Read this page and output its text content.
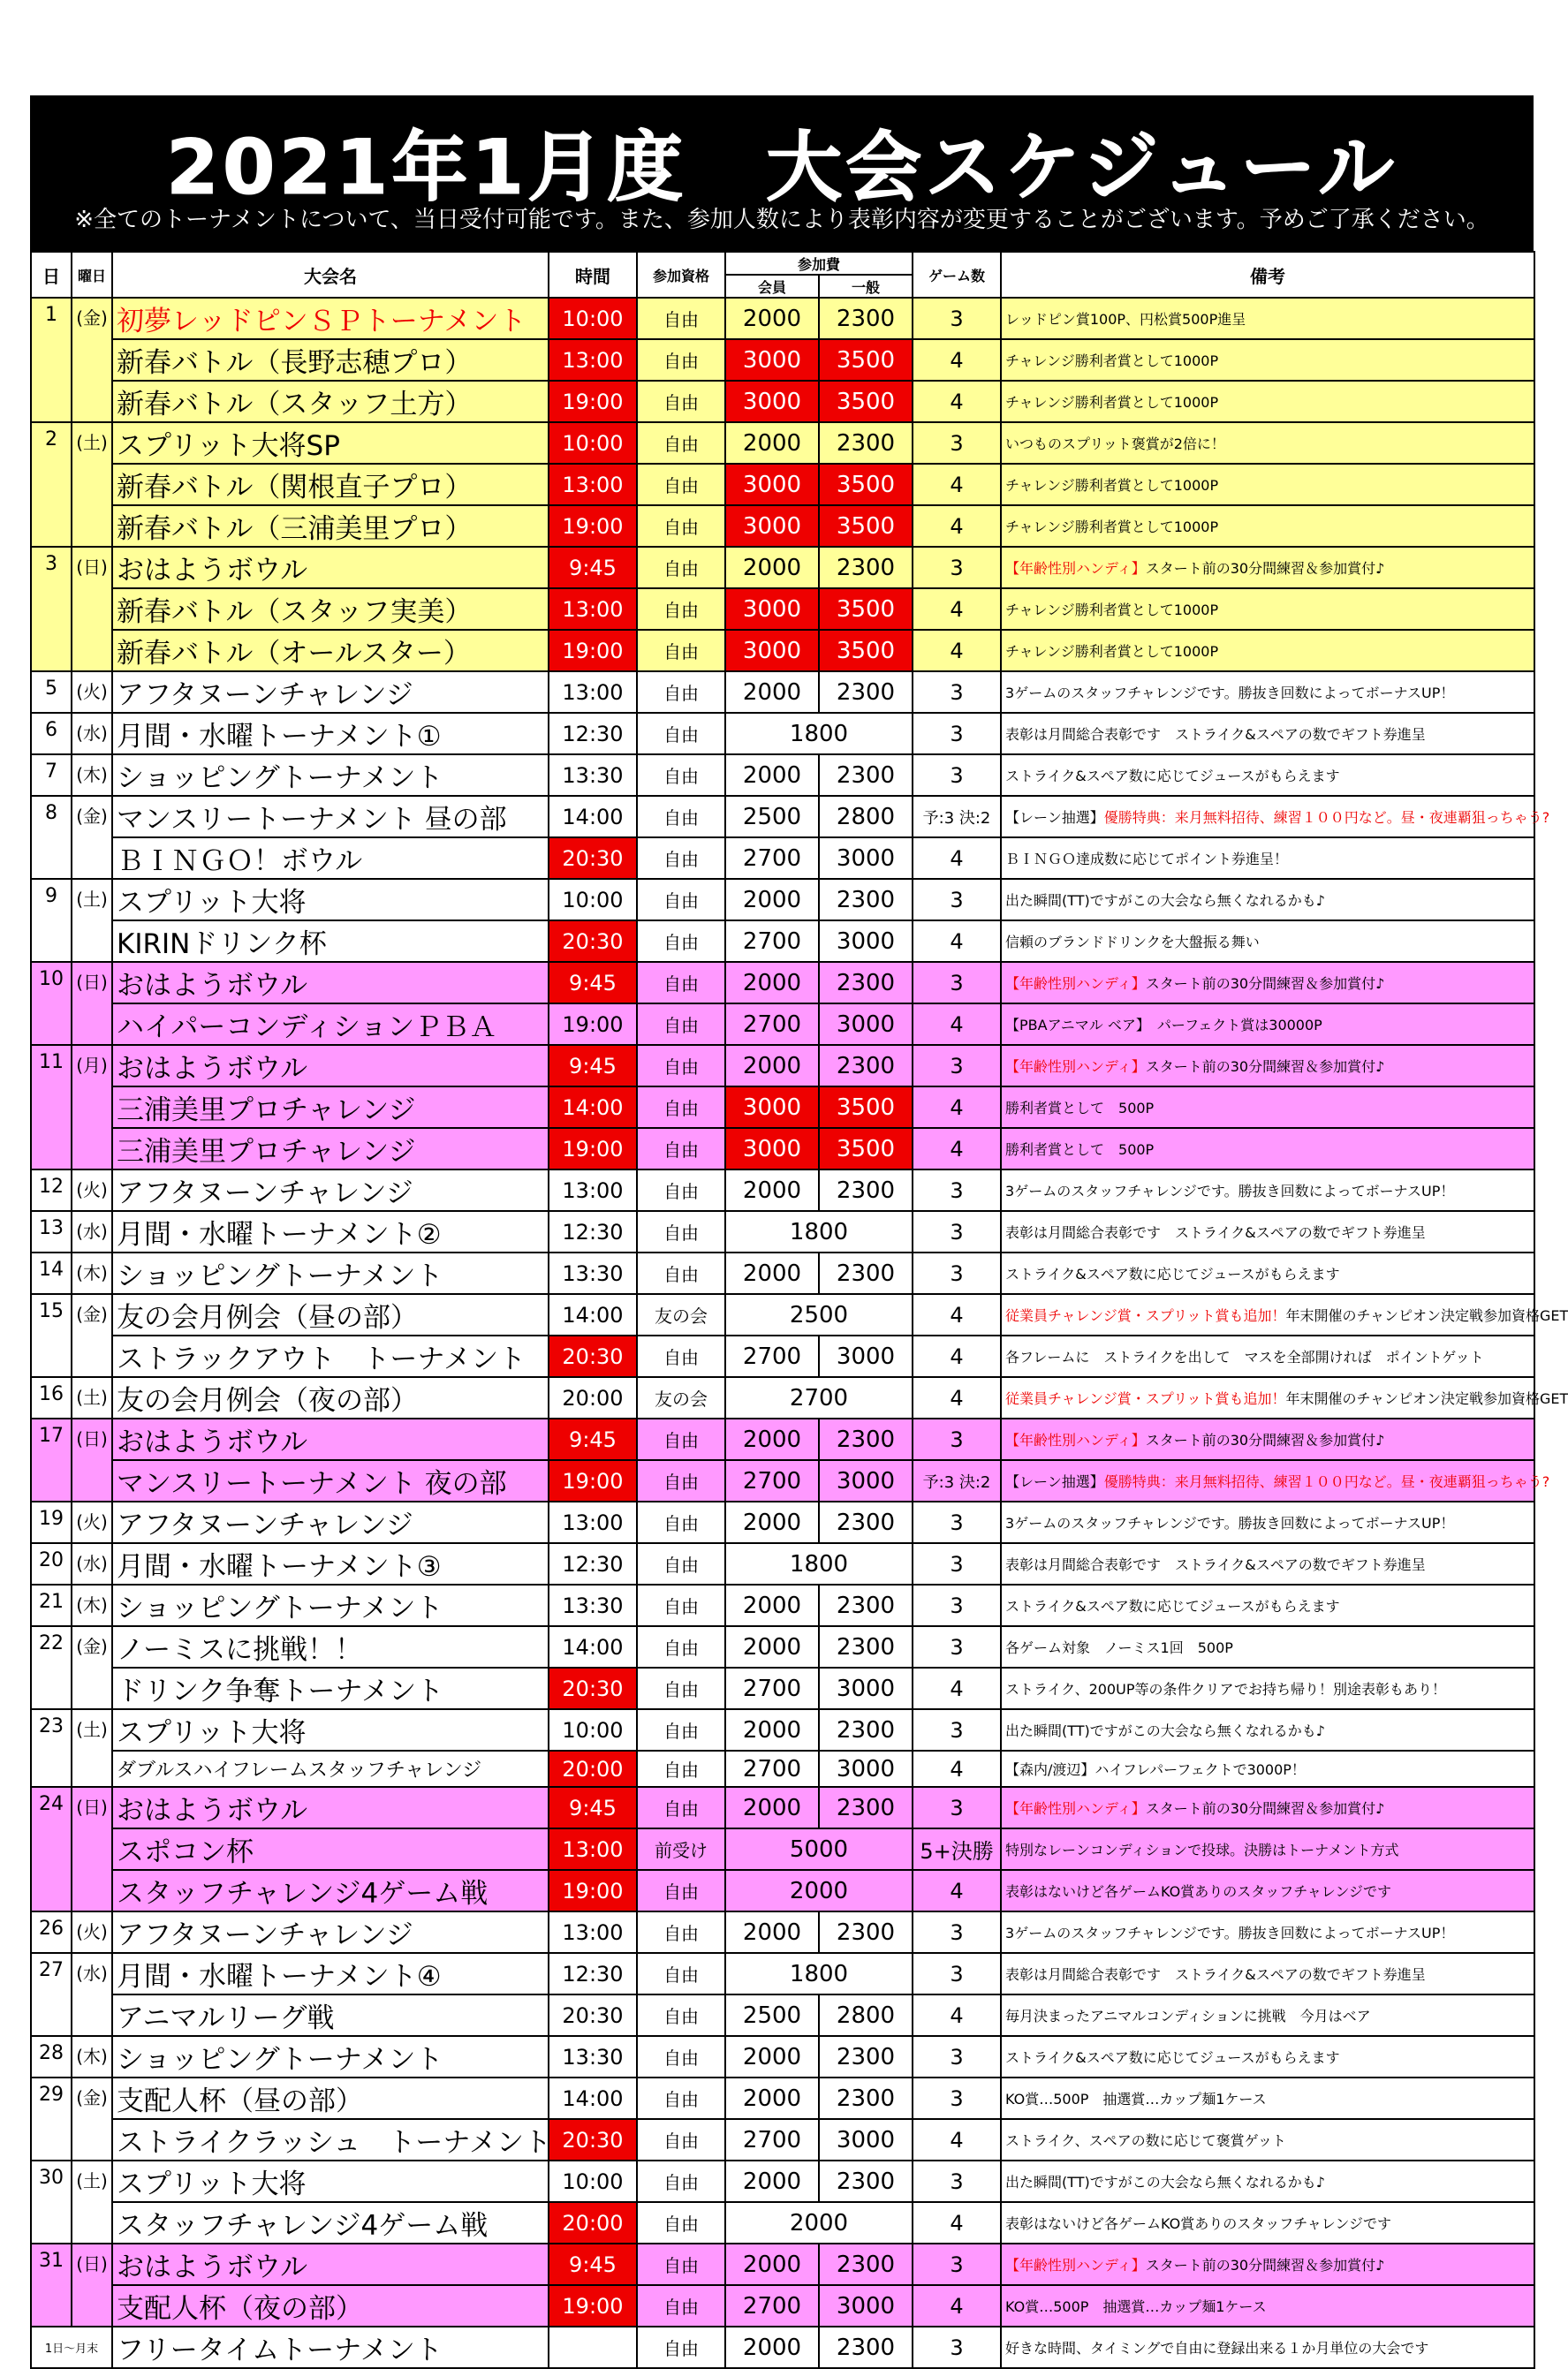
2021年1月度　大会スケジュール
※全てのトーナメントについて、当日受付可能です。また、参加人数により表彰内容が変更することがございます。予めご了承ください。
日	曜日	大会名	時間	参加資格	参加費		ゲーム数	備考
					会員	一般		
1	(金)	初夢レッドピンＳＰトーナメント	10:00	自由	2000	2300	3	レッドピン賞100P、円松賞500P進呈
		新春バトル（長野志穂プロ）	13:00	自由	3000	3500	4	チャレンジ勝利者賞として1000P
		新春バトル（スタッフ土方）	19:00	自由	3000	3500	4	チャレンジ勝利者賞として1000P
2	(土)	スプリット大将SP	10:00	自由	2000	2300	3	いつものスプリット褒賞が2倍に！
		新春バトル（関根直子プロ）	13:00	自由	3000	3500	4	チャレンジ勝利者賞として1000P
		新春バトル（三浦美里プロ）	19:00	自由	3000	3500	4	チャレンジ勝利者賞として1000P
3	(日)	おはようボウル	9:45	自由	2000	2300	3	【年齢性別ハンディ】スタート前の30分間練習＆参加賞付♪
		新春バトル（スタッフ実美）	13:00	自由	3000	3500	4	チャレンジ勝利者賞として1000P
		新春バトル（オールスター）	19:00	自由	3000	3500	4	チャレンジ勝利者賞として1000P
5	(火)	アフタヌーンチャレンジ	13:00	自由	2000	2300	3	3ゲームのスタッフチャレンジです。勝抜き回数によってボーナスUP！
6	(水)	月間・水曜トーナメント①	12:30	自由	1800		3	表彰は月間総合表彰です　ストライク&スペアの数でギフト券進呈
7	(木)	ショッピングトーナメント	13:30	自由	2000	2300	3	ストライク&スペア数に応じてジュースがもらえます
8	(金)	マンスリートーナメント 昼の部	14:00	自由	2500	2800	予:3 決:2	【レーン抽選】優勝特典：来月無料招待、練習１００円など。昼・夜連覇狙っちゃう?
		ＢＩＮＧＯ！ボウル	20:30	自由	2700	3000	4	ＢＩＮＧＯ達成数に応じてポイント券進呈！
9	(土)	スプリット大将	10:00	自由	2000	2300	3	出た瞬間(TT)ですがこの大会なら無くなれるかも♪
		KIRINドリンク杯	20:30	自由	2700	3000	4	信頼のブランドドリンクを大盤振る舞い
10	(日)	おはようボウル	9:45	自由	2000	2300	3	【年齢性別ハンディ】スタート前の30分間練習＆参加賞付♪
		ハイパーコンディションＰＢＡ	19:00	自由	2700	3000	4	【PBAアニマル ベア】　パーフェクト賞は30000P
11	(月)	おはようボウル	9:45	自由	2000	2300	3	【年齢性別ハンディ】スタート前の30分間練習＆参加賞付♪
		三浦美里プロチャレンジ	14:00	自由	3000	3500	4	勝利者賞として　500P
		三浦美里プロチャレンジ	19:00	自由	3000	3500	4	勝利者賞として　500P
12	(火)	アフタヌーンチャレンジ	13:00	自由	2000	2300	3	3ゲームのスタッフチャレンジです。勝抜き回数によってボーナスUP！
13	(水)	月間・水曜トーナメント②	12:30	自由	1800		3	表彰は月間総合表彰です　ストライク&スペアの数でギフト券進呈
14	(木)	ショッピングトーナメント	13:30	自由	2000	2300	3	ストライク&スペア数に応じてジュースがもらえます
15	(金)	友の会月例会（昼の部）	14:00	友の会	2500		4	従業員チャレンジ賞・スプリット賞も追加！年末開催のチャンピオン決定戦参加資格GET
		ストラックアウト　トーナメント	20:30	自由	2700	3000	4	各フレームに　ストライクを出して　マスを全部開ければ　ポイントゲット
16	(土)	友の会月例会（夜の部）	20:00	友の会	2700		4	従業員チャレンジ賞・スプリット賞も追加！年末開催のチャンピオン決定戦参加資格GET
17	(日)	おはようボウル	9:45	自由	2000	2300	3	【年齢性別ハンディ】スタート前の30分間練習＆参加賞付♪
		マンスリートーナメント 夜の部	19:00	自由	2700	3000	予:3 決:2	【レーン抽選】優勝特典：来月無料招待、練習１００円など。昼・夜連覇狙っちゃう?
19	(火)	アフタヌーンチャレンジ	13:00	自由	2000	2300	3	3ゲームのスタッフチャレンジです。勝抜き回数によってボーナスUP！
20	(水)	月間・水曜トーナメント③	12:30	自由	1800		3	表彰は月間総合表彰です　ストライク&スペアの数でギフト券進呈
21	(木)	ショッピングトーナメント	13:30	自由	2000	2300	3	ストライク&スペア数に応じてジュースがもらえます
22	(金)	ノーミスに挑戦！！	14:00	自由	2000	2300	3	各ゲーム対象　ノーミス1回　500P
		ドリンク争奪トーナメント	20:30	自由	2700	3000	4	ストライク、200UP等の条件クリアでお持ち帰り！別途表彰もあり！
23	(土)	スプリット大将	10:00	自由	2000	2300	3	出た瞬間(TT)ですがこの大会なら無くなれるかも♪
		ダブルスハイフレームスタッフチャレンジ	20:00	自由	2700	3000	4	【森内/渡辺】ハイフレパーフェクトで3000P！
24	(日)	おはようボウル	9:45	自由	2000	2300	3	【年齢性別ハンディ】スタート前の30分間練習＆参加賞付♪
		スポコン杯	13:00	前受け	5000		5+決勝	特別なレーンコンディションで投球。決勝はトーナメント方式
		スタッフチャレンジ4ゲーム戦	19:00	自由	2000		4	表彰はないけど各ゲームKO賞ありのスタッフチャレンジです
26	(火)	アフタヌーンチャレンジ	13:00	自由	2000	2300	3	3ゲームのスタッフチャレンジです。勝抜き回数によってボーナスUP！
27	(水)	月間・水曜トーナメント④	12:30	自由	1800		3	表彰は月間総合表彰です　ストライク&スペアの数でギフト券進呈
		アニマルリーグ戦	20:30	自由	2500	2800	4	毎月決まったアニマルコンディションに挑戦　今月はベア
28	(木)	ショッピングトーナメント	13:30	自由	2000	2300	3	ストライク&スペア数に応じてジュースがもらえます
29	(金)	支配人杯（昼の部）	14:00	自由	2000	2300	3	KO賞…500P　抽選賞…カップ麺1ケース
		ストライクラッシュ　トーナメント	20:30	自由	2700	3000	4	ストライク、スペアの数に応じて褒賞ゲット
30	(土)	スプリット大将	10:00	自由	2000	2300	3	出た瞬間(TT)ですがこの大会なら無くなれるかも♪
		スタッフチャレンジ4ゲーム戦	20:00	自由	2000		4	表彰はないけど各ゲームKO賞ありのスタッフチャレンジです
31	(日)	おはようボウル	9:45	自由	2000	2300	3	【年齢性別ハンディ】スタート前の30分間練習＆参加賞付♪
		支配人杯（夜の部）	19:00	自由	2700	3000	4	KO賞…500P　抽選賞…カップ麺1ケース
1日～月末		フリータイムトーナメント		自由	2000	2300	3	好きな時間、タイミングで自由に登録出来る１か月単位の大会です
